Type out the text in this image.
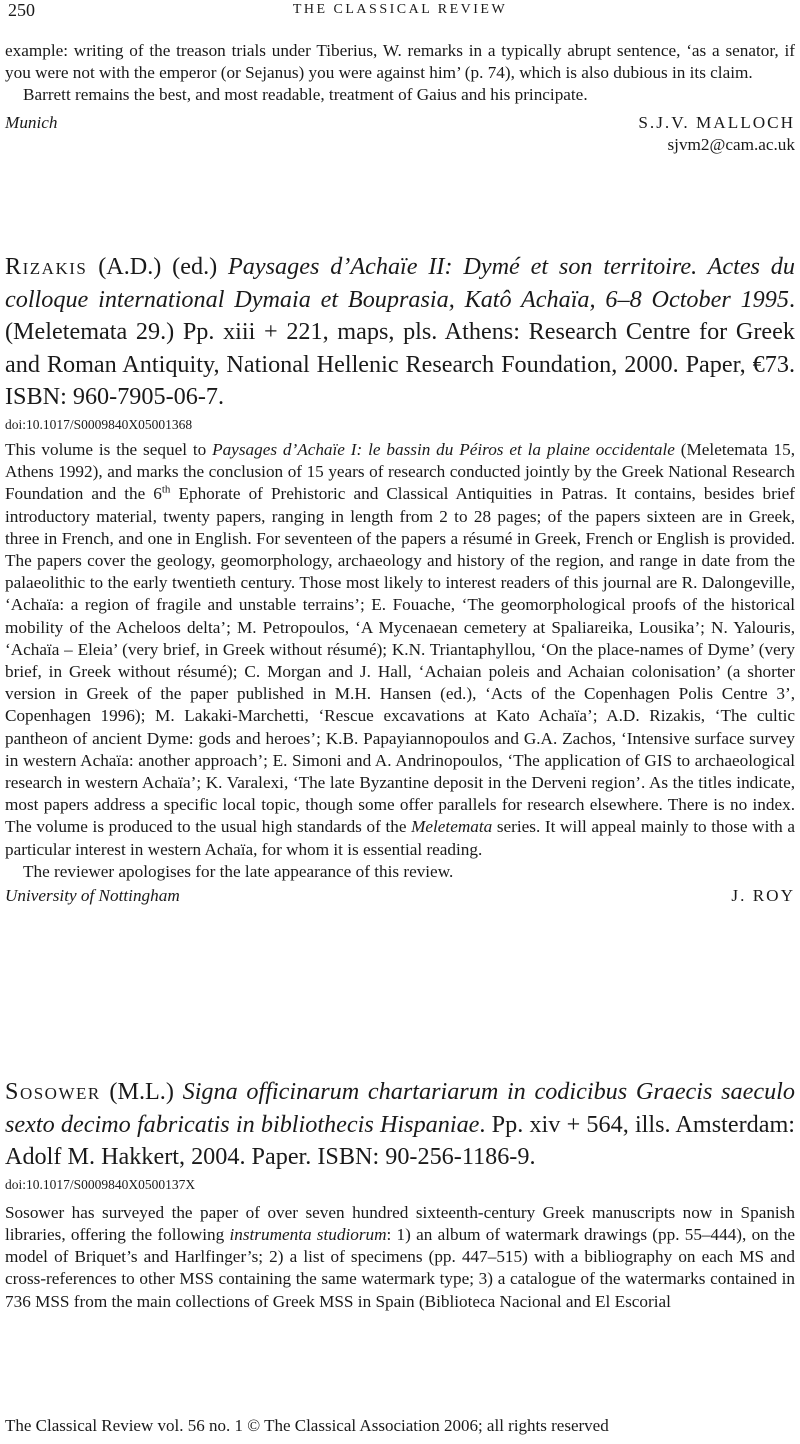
250	THE CLASSICAL REVIEW

example: writing of the treason trials under Tiberius, W. remarks in a typically abrupt sentence, ‘as a senator, if you were not with the emperor (or Sejanus) you were against him’ (p. 74), which is also dubious in its claim.

Barrett remains the best, and most readable, treatment of Gaius and his principate.

Munich	S.J.V. MALLOCH
sjvm2@cam.ac.uk

Rizakis (A.D.) (ed.) Paysages d’Achaïe II: Dymé et son territoire. Actes du colloque international Dymaia et Bouprasia, Katô Achaïa, 6–8 October 1995. (Meletemata 29.) Pp. xiii + 221, maps, pls. Athens: Research Centre for Greek and Roman Antiquity, National Hellenic Research Foundation, 2000. Paper, €73. ISBN: 960-7905-06-7.

doi:10.1017/S0009840X05001368

This volume is the sequel to Paysages d’Achaïe I: le bassin du Péiros et la plaine occidentale (Meletemata 15, Athens 1992), and marks the conclusion of 15 years of research conducted jointly by the Greek National Research Foundation and the 6th Ephorate of Prehistoric and Classical Antiquities in Patras. It contains, besides brief introductory material, twenty papers, ranging in length from 2 to 28 pages; of the papers sixteen are in Greek, three in French, and one in English. For seventeen of the papers a résumé in Greek, French or English is provided. The papers cover the geology, geomorphology, archaeology and history of the region, and range in date from the palaeolithic to the early twentieth century. Those most likely to interest readers of this journal are R. Dalongeville, ‘Achaïa: a region of fragile and unstable terrains’; E. Fouache, ‘The geomorphological proofs of the historical mobility of the Acheloos delta’; M. Petropoulos, ‘A Mycenaean cemetery at Spaliareika, Lousika’; N. Yalouris, ‘Achaïa – Eleia’ (very brief, in Greek without résumé); K.N. Triantaphyllou, ‘On the place-names of Dyme’ (very brief, in Greek without résumé); C. Morgan and J. Hall, ‘Achaian poleis and Achaian colonisation’ (a shorter version in Greek of the paper published in M.H. Hansen (ed.), ‘Acts of the Copenhagen Polis Centre 3’, Copenhagen 1996); M. Lakaki-Marchetti, ‘Rescue excavations at Kato Achaïa’; A.D. Rizakis, ‘The cultic pantheon of ancient Dyme: gods and heroes’; K.B. Papayiannopoulos and G.A. Zachos, ‘Intensive surface survey in western Achaïa: another approach’; E. Simoni and A. Andrinopoulos, ‘The application of GIS to archaeological research in western Achaïa’; K. Varalexi, ‘The late Byzantine deposit in the Derveni region’. As the titles indicate, most papers address a specific local topic, though some offer parallels for research elsewhere. There is no index. The volume is produced to the usual high standards of the Meletemata series. It will appeal mainly to those with a particular interest in western Achaïa, for whom it is essential reading.

The reviewer apologises for the late appearance of this review.

University of Nottingham	J. ROY

Sosower (M.L.) Signa officinarum chartariarum in codicibus Graecis saeculo sexto decimo fabricatis in bibliothecis Hispaniae. Pp. xiv + 564, ills. Amsterdam: Adolf M. Hakkert, 2004. Paper. ISBN: 90-256-1186-9.

doi:10.1017/S0009840X0500137X

Sosower has surveyed the paper of over seven hundred sixteenth-century Greek manuscripts now in Spanish libraries, offering the following instrumenta studiorum: 1) an album of watermark drawings (pp. 55–444), on the model of Briquet’s and Harlfinger’s; 2) a list of specimens (pp. 447–515) with a bibliography on each MS and cross-references to other MSS containing the same watermark type; 3) a catalogue of the watermarks contained in 736 MSS from the main collections of Greek MSS in Spain (Biblioteca Nacional and El Escorial

The Classical Review vol. 56 no. 1 © The Classical Association 2006; all rights reserved
